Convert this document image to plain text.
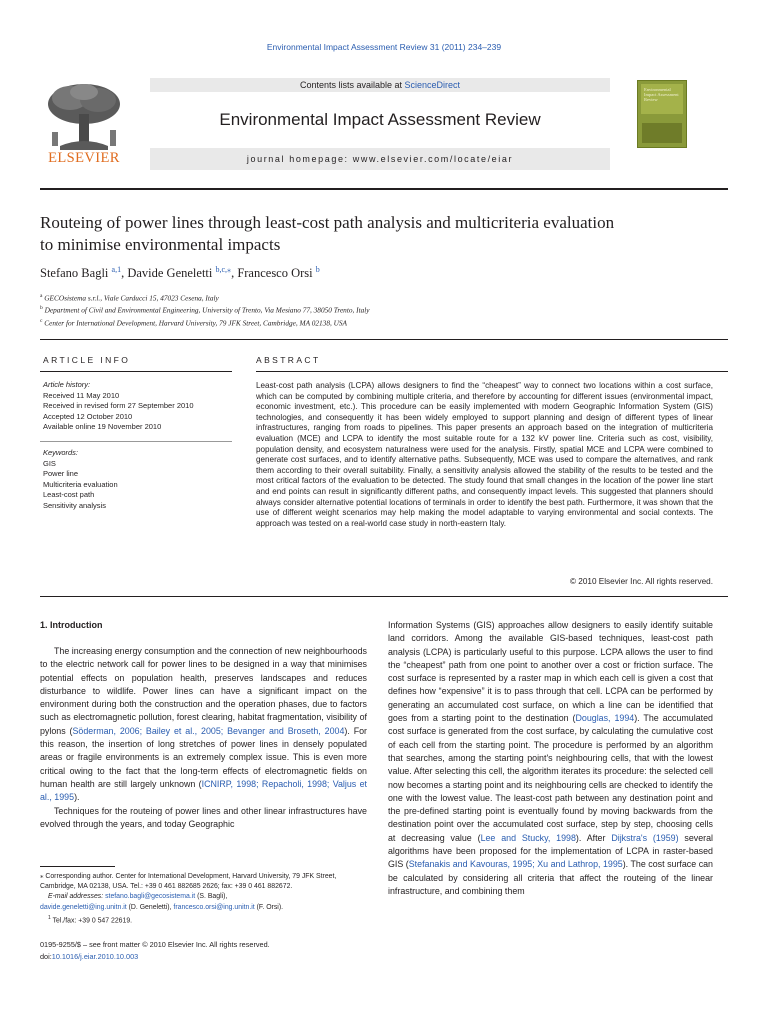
Environmental Impact Assessment Review 31 (2011) 234–239
ELSEVIER
Contents lists available at ScienceDirect
Environmental Impact Assessment Review
journal homepage: www.elsevier.com/locate/eiar
Environmental Impact Assessment Review
Routeing of power lines through least-cost path analysis and multicriteria evaluation
to minimise environmental impacts
Stefano Bagli $^{a,1}$, Davide Geneletti $^{b,c,⁎}$, Francesco Orsi $^b$
$^a$ GECOsistema s.r.l., Viale Carducci 15, 47023 Cesena, Italy
$^b$ Department of Civil and Environmental Engineering, University of Trento, Via Mesiano 77, 38050 Trento, Italy
$^c$ Center for International Development, Harvard University, 79 JFK Street, Cambridge, MA 02138, USA
ARTICLE INFO
Article history:
Received 11 May 2010
Received in revised form 27 September 2010
Accepted 12 October 2010
Available online 19 November 2010
Keywords:
GIS
Power line
Multicriteria evaluation
Least-cost path
Sensitivity analysis
ABSTRACT
Least-cost path analysis (LCPA) allows designers to find the “cheapest” way to connect two locations within a cost surface, which can be computed by combining multiple criteria, and therefore by accounting for different issues (environmental impact, economic investment, etc.). This procedure can be easily implemented with modern Geographic Information System (GIS) technologies, and consequently it has been widely employed to support planning and design of different types of linear infrastructures, ranging from roads to pipelines. This paper presents an approach based on the integration of multicriteria evaluation (MCE) and LCPA to identify the most suitable route for a 132 kV power line. Criteria such as cost, visibility, population density, and ecosystem naturalness were used for the analysis. Firstly, spatial MCE and LCPA were combined to generate cost surfaces, and to identify alternative paths. Subsequently, MCE was used to compare the alternatives, and rank them according to their overall suitability. Finally, a sensitivity analysis allowed the stability of the results to be tested and the most critical factors of the evaluation to be detected. The study found that small changes in the location of the power line start and end points can result in significantly different paths, and consequently impact levels. This suggested that planners should always consider alternative potential locations of terminals in order to identify the best path. Furthermore, it was shown that the use of different weight scenarios may help making the model adaptable to varying environmental and social contexts. The approach was tested on a real-world case study in north-eastern Italy.
© 2010 Elsevier Inc. All rights reserved.
1. Introduction

The increasing energy consumption and the connection of new neighbourhoods to the electric network call for power lines to be designed in a way that minimises potential effects on population health, preserves landscapes and reduces disturbance to wildlife. Power lines can have a significant impact on the environment during both the construction and the operation phases, due to factors such as electromagnetic pollution, forest clearing, habitat fragmentation, visibility of pylons (Söderman, 2006; Bailey et al., 2005; Bevanger and Broseth, 2004). For this reason, the insertion of long stretches of power lines in densely populated areas or fragile environments is an extremely complex issue. This is even more critical owing to the fact that the long-term effects of electromagnetic fields on human health are still largely unknown (ICNIRP, 1998; Repacholi, 1998; Valjus et al., 1995).

Techniques for the routeing of power lines and other linear infrastructures have evolved through the years, and today Geographic

Information Systems (GIS) approaches allow designers to easily identify suitable land corridors. Among the available GIS-based techniques, least-cost path analysis (LCPA) is particularly useful to this purpose. LCPA allows the user to find the “cheapest” path from one point to another over a cost or friction surface. The cost surface is represented by a raster map in which each cell is given a cost that defines how “expensive” it is to pass through that cell. LCPA can be performed by generating an accumulated cost surface, on which a line can be identified that goes from a starting point to the destination (Douglas, 1994). The accumulated cost surface is generated from the cost surface, by calculating the cumulative cost of each cell from the starting point. The procedure is performed by an algorithm that searches, among the starting point's neighbouring cells, that with the lowest value. After selecting this cell, the algorithm iterates its procedure: the selected cell now becomes a starting point and its neighbouring cells are checked to identify the one with the lowest value. The least-cost path between any destination point and the pre-defined starting point is eventually found by moving backwards from the destination point over the accumulated cost surface, step by step, choosing cells at decreasing value (Lee and Stucky, 1998). After Dijkstra's (1959) several algorithms have been proposed for the implementation of LCPA in raster-based GIS (Stefanakis and Kavouras, 1995; Xu and Lathrop, 1995). The cost surface can be calculated by considering all criteria that affect the routeing of the linear infrastructure, and combining them

⁎ Corresponding author. Center for International Development, Harvard University, 79 JFK Street, Cambridge, MA 02138, USA. Tel.: +39 0 461 882685 2626; fax: +39 0 461 882672.
E-mail addresses: stefano.bagli@gecosistema.it (S. Bagli),
davide.geneletti@ing.unitn.it (D. Geneletti), francesco.orsi@ing.unitn.it (F. Orsi).
$^1$ Tel./fax: +39 0 547 22619.
0195-9255/$ – see front matter © 2010 Elsevier Inc. All rights reserved.
doi:10.1016/j.eiar.2010.10.003
